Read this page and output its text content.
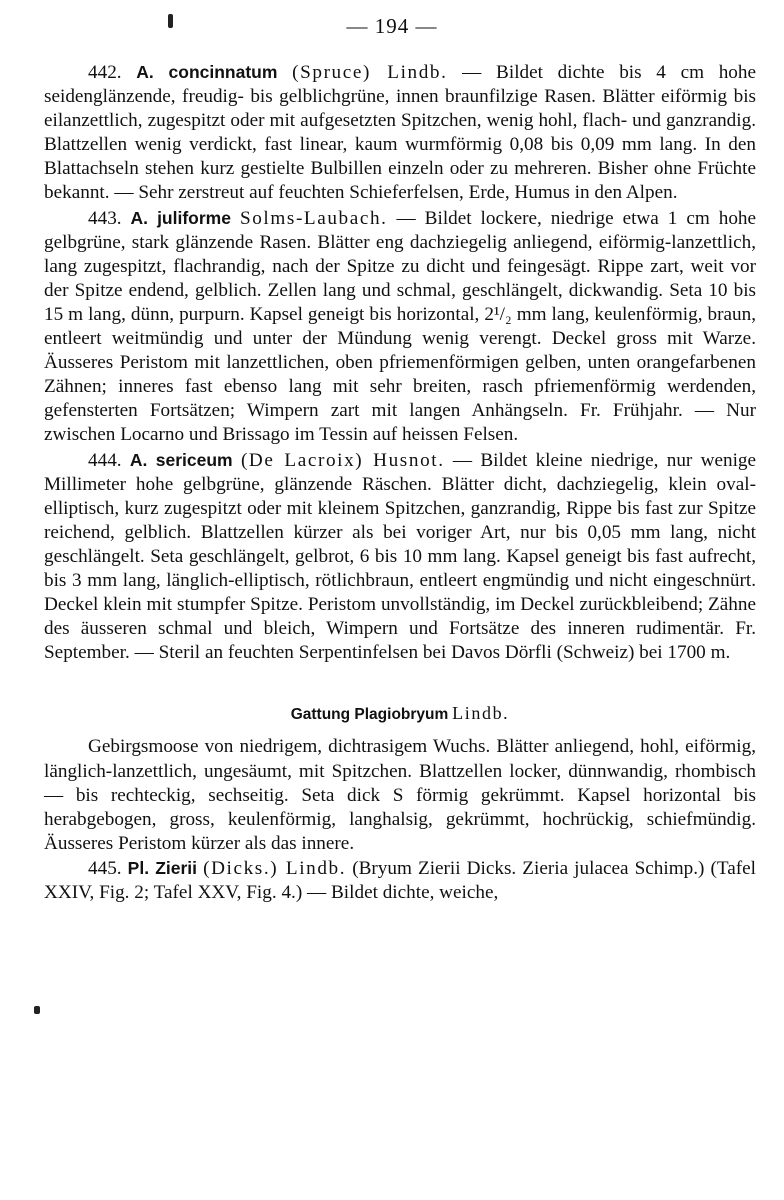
— 194 —

442. A. concinnatum (Spruce) Lindb. — Bildet dichte bis 4 cm hohe seidenglänzende, freudig- bis gelblichgrüne, innen braunfilzige Rasen. Blätter eiförmig bis eilanzettlich, zugespitzt oder mit aufgesetzten Spitzchen, wenig hohl, flach- und ganzrandig. Blattzellen wenig verdickt, fast linear, kaum wurmförmig 0,08 bis 0,09 mm lang. In den Blattachseln stehen kurz gestielte Bulbillen einzeln oder zu mehreren. Bisher ohne Früchte bekannt. — Sehr zerstreut auf feuchten Schieferfelsen, Erde, Humus in den Alpen.

443. A. juliforme Solms-Laubach. — Bildet lockere, niedrige etwa 1 cm hohe gelbgrüne, stark glänzende Rasen. Blätter eng dachziegelig anliegend, eiförmig-lanzettlich, lang zugespitzt, flachrandig, nach der Spitze zu dicht und feingesägt. Rippe zart, weit vor der Spitze endend, gelblich. Zellen lang und schmal, geschlängelt, dickwandig. Seta 10 bis 15 m lang, dünn, purpurn. Kapsel geneigt bis horizontal, 2¹/₂ mm lang, keulenförmig, braun, entleert weitmündig und unter der Mündung wenig verengt. Deckel gross mit Warze. Äusseres Peristom mit lanzettlichen, oben pfriemenförmigen gelben, unten orangefarbenen Zähnen; inneres fast ebenso lang mit sehr breiten, rasch pfriemenförmig werdenden, gefensterten Fortsätzen; Wimpern zart mit langen Anhängseln. Fr. Frühjahr. — Nur zwischen Locarno und Brissago im Tessin auf heissen Felsen.

444. A. sericeum (De Lacroix) Husnot. — Bildet kleine niedrige, nur wenige Millimeter hohe gelbgrüne, glänzende Räschen. Blätter dicht, dachziegelig, klein oval-elliptisch, kurz zugespitzt oder mit kleinem Spitzchen, ganzrandig, Rippe bis fast zur Spitze reichend, gelblich. Blattzellen kürzer als bei voriger Art, nur bis 0,05 mm lang, nicht geschlängelt. Seta geschlängelt, gelbrot, 6 bis 10 mm lang. Kapsel geneigt bis fast aufrecht, bis 3 mm lang, länglich-elliptisch, rötlichbraun, entleert engmündig und nicht eingeschnürt. Deckel klein mit stumpfer Spitze. Peristom unvollständig, im Deckel zurückbleibend; Zähne des äusseren schmal und bleich, Wimpern und Fortsätze des inneren rudimentär. Fr. September. — Steril an feuchten Serpentinfelsen bei Davos Dörfli (Schweiz) bei 1700 m.

Gattung Plagiobryum Lindb.

Gebirgsmoose von niedrigem, dichtrasigem Wuchs. Blätter anliegend, hohl, eiförmig, länglich-lanzettlich, ungesäumt, mit Spitzchen. Blattzellen locker, dünnwandig, rhombisch — bis rechteckig, sechseitig. Seta dick S förmig gekrümmt. Kapsel horizontal bis herabgebogen, gross, keulenförmig, langhalsig, gekrümmt, hochrückig, schiefmündig. Äusseres Peristom kürzer als das innere.

445. Pl. Zierii (Dicks.) Lindb. (Bryum Zierii Dicks. Zieria julacea Schimp.) (Tafel XXIV, Fig. 2; Tafel XXV, Fig. 4.) — Bildet dichte, weiche,
